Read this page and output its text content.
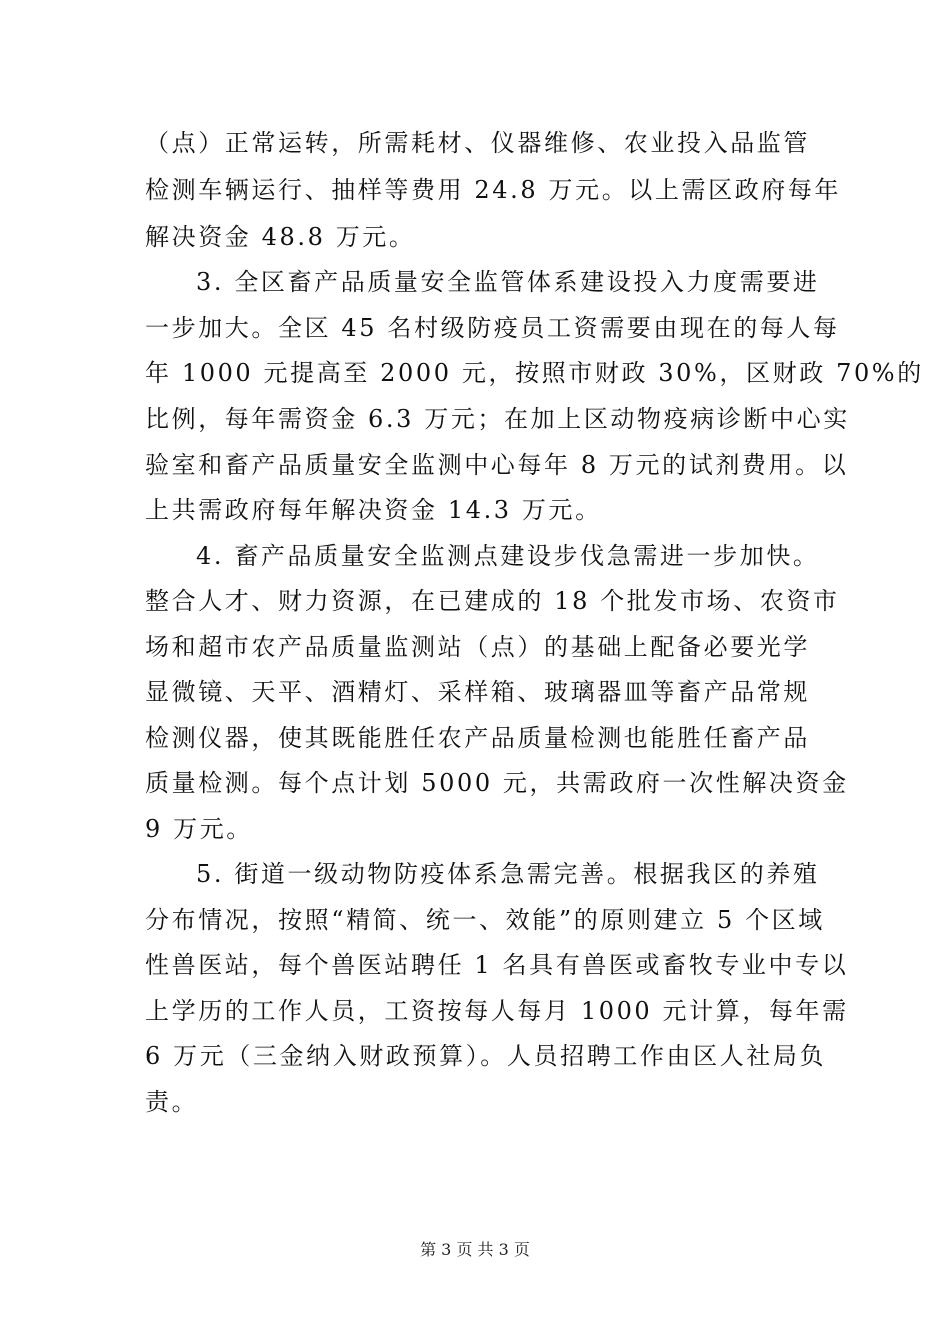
（点）正常运转，所需耗材、仪器维修、农业投入品监管
检测车辆运行、抽样等费用 24.8 万元。以上需区政府每年
解决资金 48.8 万元。
3. 全区畜产品质量安全监管体系建设投入力度需要进
一步加大。全区 45 名村级防疫员工资需要由现在的每人每
年 1000 元提高至 2000 元，按照市财政 30%，区财政 70%的
比例，每年需资金 6.3 万元；在加上区动物疫病诊断中心实
验室和畜产品质量安全监测中心每年 8 万元的试剂费用。以
上共需政府每年解决资金 14.3 万元。
4. 畜产品质量安全监测点建设步伐急需进一步加快。
整合人才、财力资源，在已建成的 18 个批发市场、农资市
场和超市农产品质量监测站（点）的基础上配备必要光学
显微镜、天平、酒精灯、采样箱、玻璃器皿等畜产品常规
检测仪器，使其既能胜任农产品质量检测也能胜任畜产品
质量检测。每个点计划 5000 元，共需政府一次性解决资金
9 万元。
5. 街道一级动物防疫体系急需完善。根据我区的养殖
分布情况，按照“精简、统一、效能”的原则建立 5 个区域
性兽医站，每个兽医站聘任 1 名具有兽医或畜牧专业中专以
上学历的工作人员，工资按每人每月 1000 元计算，每年需
6 万元（三金纳入财政预算）。人员招聘工作由区人社局负
责。
第 3 页 共 3 页
